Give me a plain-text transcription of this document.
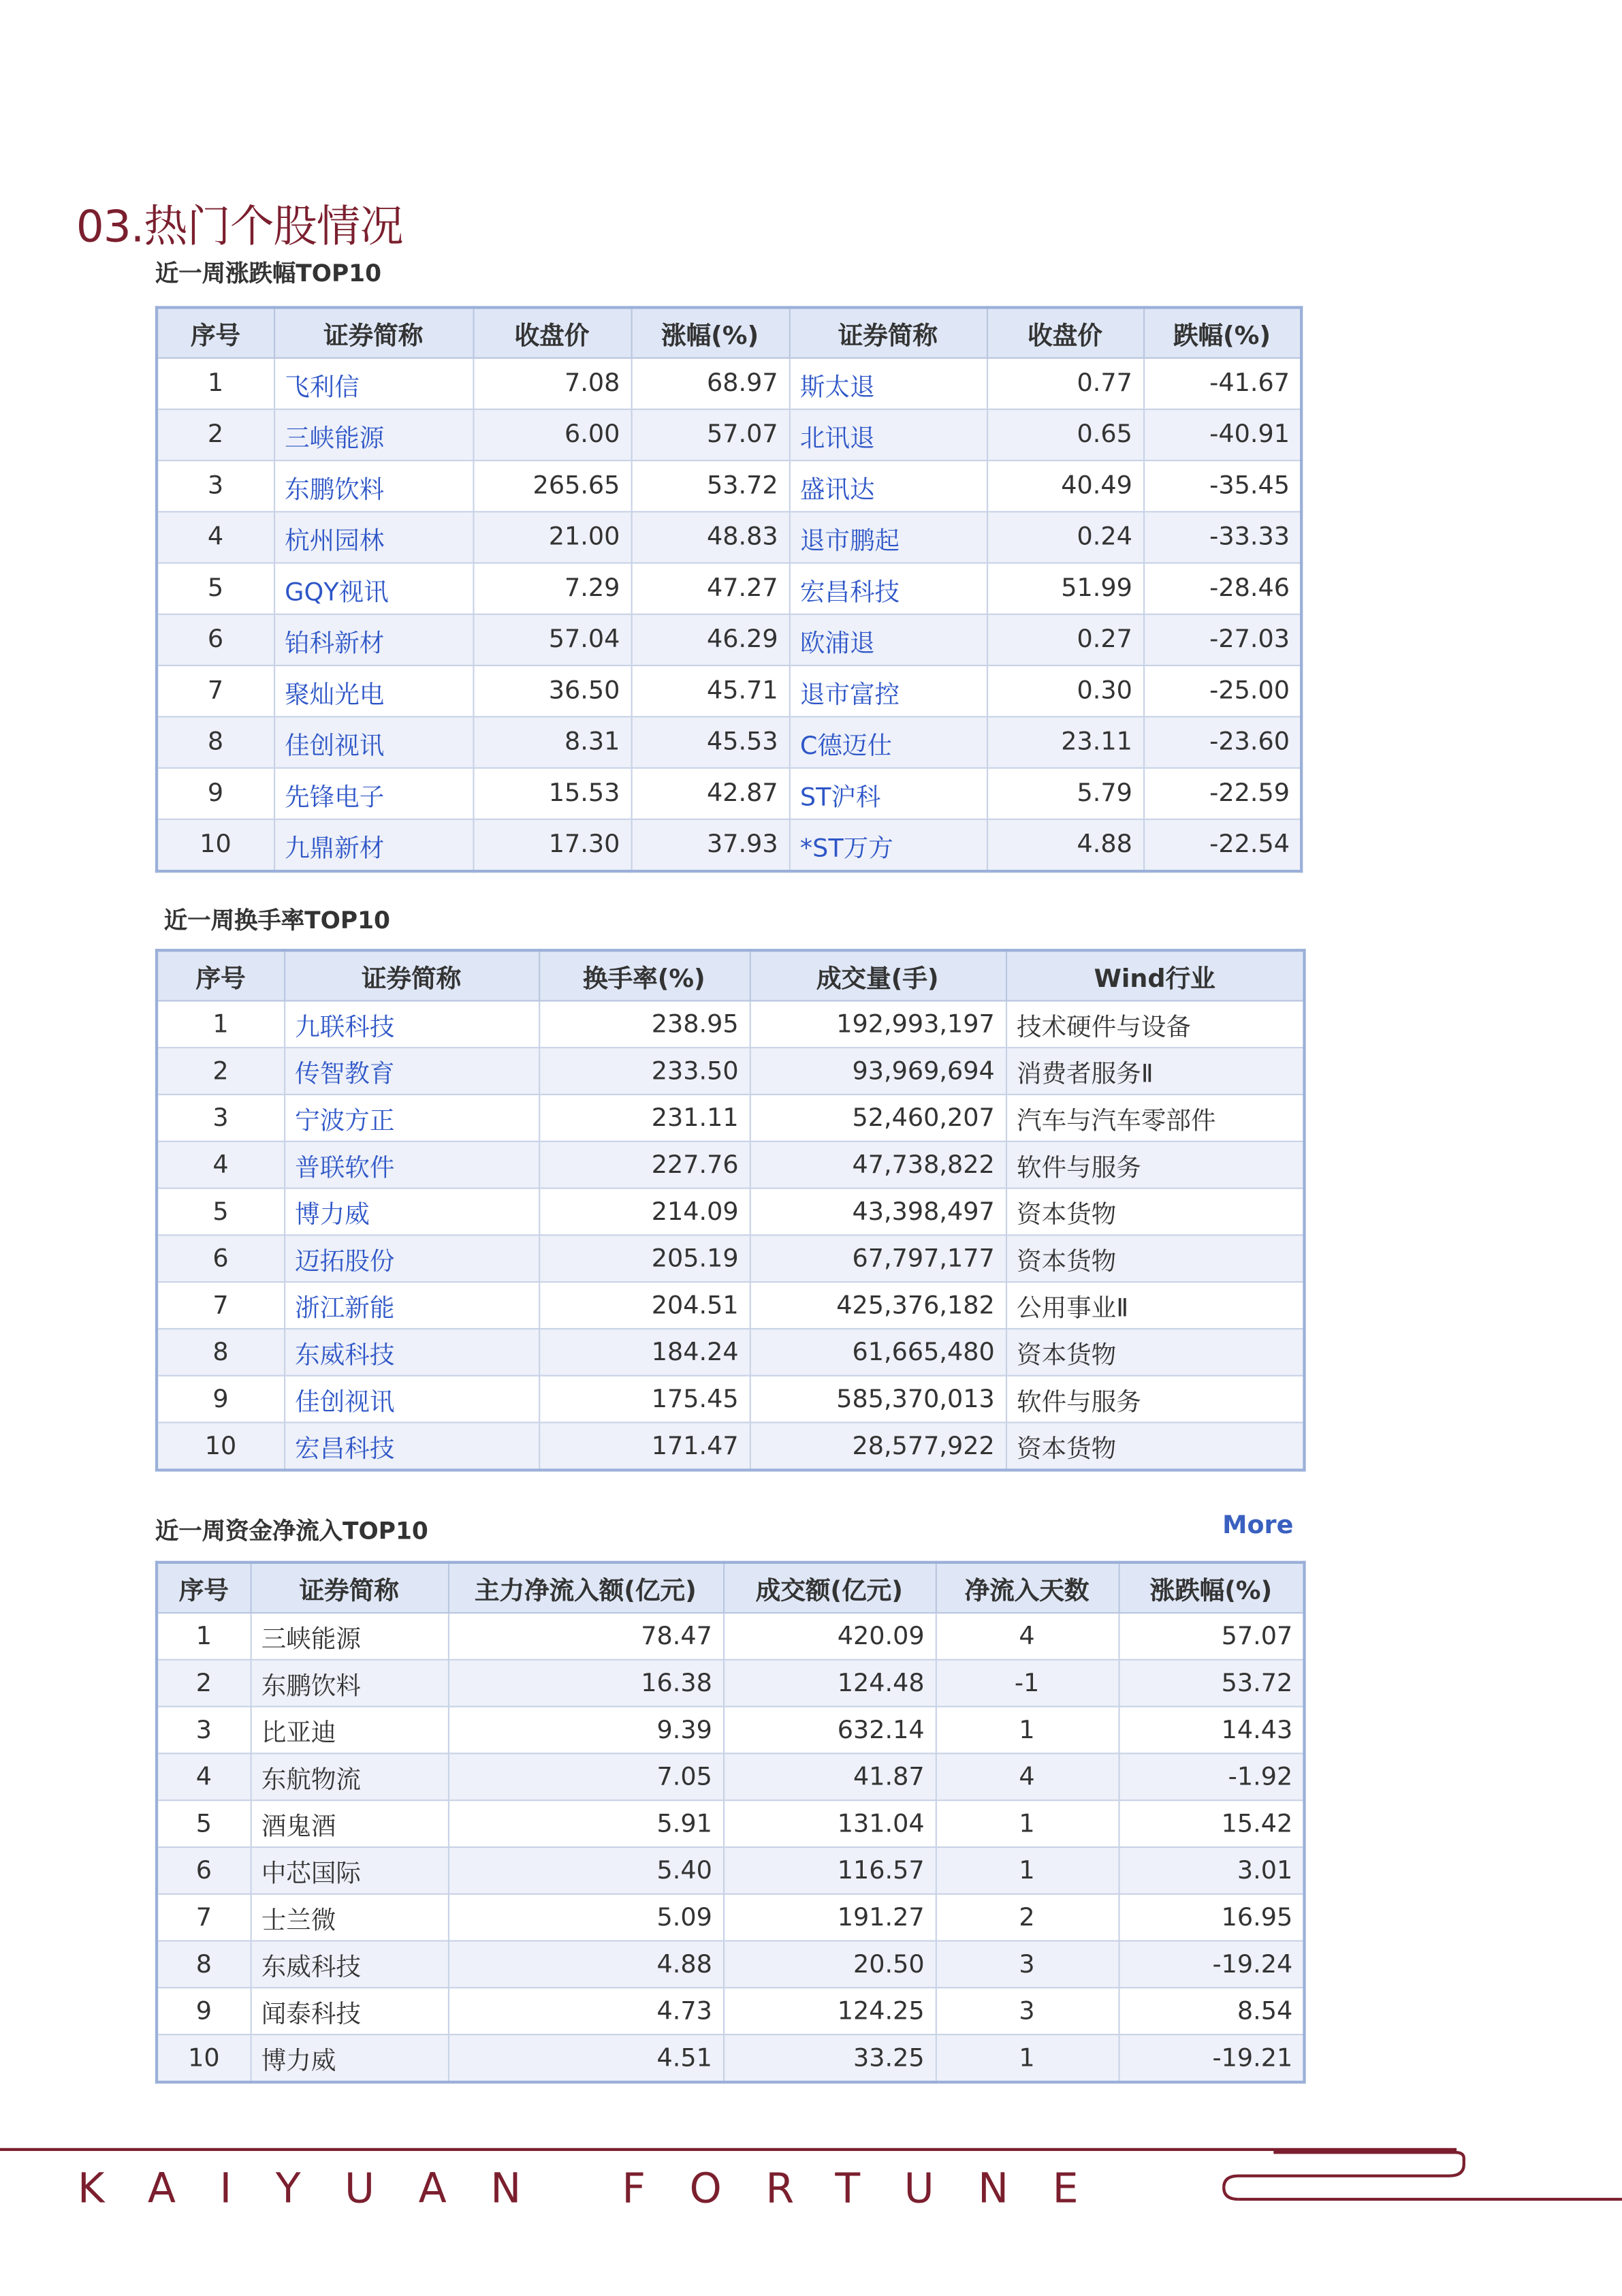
03.热门个股情况
近一周涨跌幅TOP10
序号	证券简称	收盘价	涨幅(%)	证券简称	收盘价	跌幅(%)
1	飞利信	7.08	68.97	斯太退	0.77	-41.67
2	三峡能源	6.00	57.07	北讯退	0.65	-40.91
3	东鹏饮料	265.65	53.72	盛讯达	40.49	-35.45
4	杭州园林	21.00	48.83	退市鹏起	0.24	-33.33
5	GQY视讯	7.29	47.27	宏昌科技	51.99	-28.46
6	铂科新材	57.04	46.29	欧浦退	0.27	-27.03
7	聚灿光电	36.50	45.71	退市富控	0.30	-25.00
8	佳创视讯	8.31	45.53	C德迈仕	23.11	-23.60
9	先锋电子	15.53	42.87	ST沪科	5.79	-22.59
10	九鼎新材	17.30	37.93	*ST万方	4.88	-22.54
近一周换手率TOP10
序号	证券简称	换手率(%)	成交量(手)	Wind行业
1	九联科技	238.95	192,993,197	技术硬件与设备
2	传智教育	233.50	93,969,694	消费者服务Ⅱ
3	宁波方正	231.11	52,460,207	汽车与汽车零部件
4	普联软件	227.76	47,738,822	软件与服务
5	博力威	214.09	43,398,497	资本货物
6	迈拓股份	205.19	67,797,177	资本货物
7	浙江新能	204.51	425,376,182	公用事业Ⅱ
8	东威科技	184.24	61,665,480	资本货物
9	佳创视讯	175.45	585,370,013	软件与服务
10	宏昌科技	171.47	28,577,922	资本货物
近一周资金净流入TOP10	More
序号	证券简称	主力净流入额(亿元)	成交额(亿元)	净流入天数	涨跌幅(%)
1	三峡能源	78.47	420.09	4	57.07
2	东鹏饮料	16.38	124.48	-1	53.72
3	比亚迪	9.39	632.14	1	14.43
4	东航物流	7.05	41.87	4	-1.92
5	酒鬼酒	5.91	131.04	1	15.42
6	中芯国际	5.40	116.57	1	3.01
7	士兰微	5.09	191.27	2	16.95
8	东威科技	4.88	20.50	3	-19.24
9	闻泰科技	4.73	124.25	3	8.54
10	博力威	4.51	33.25	1	-19.21
KAIYUAN FORTUNE
